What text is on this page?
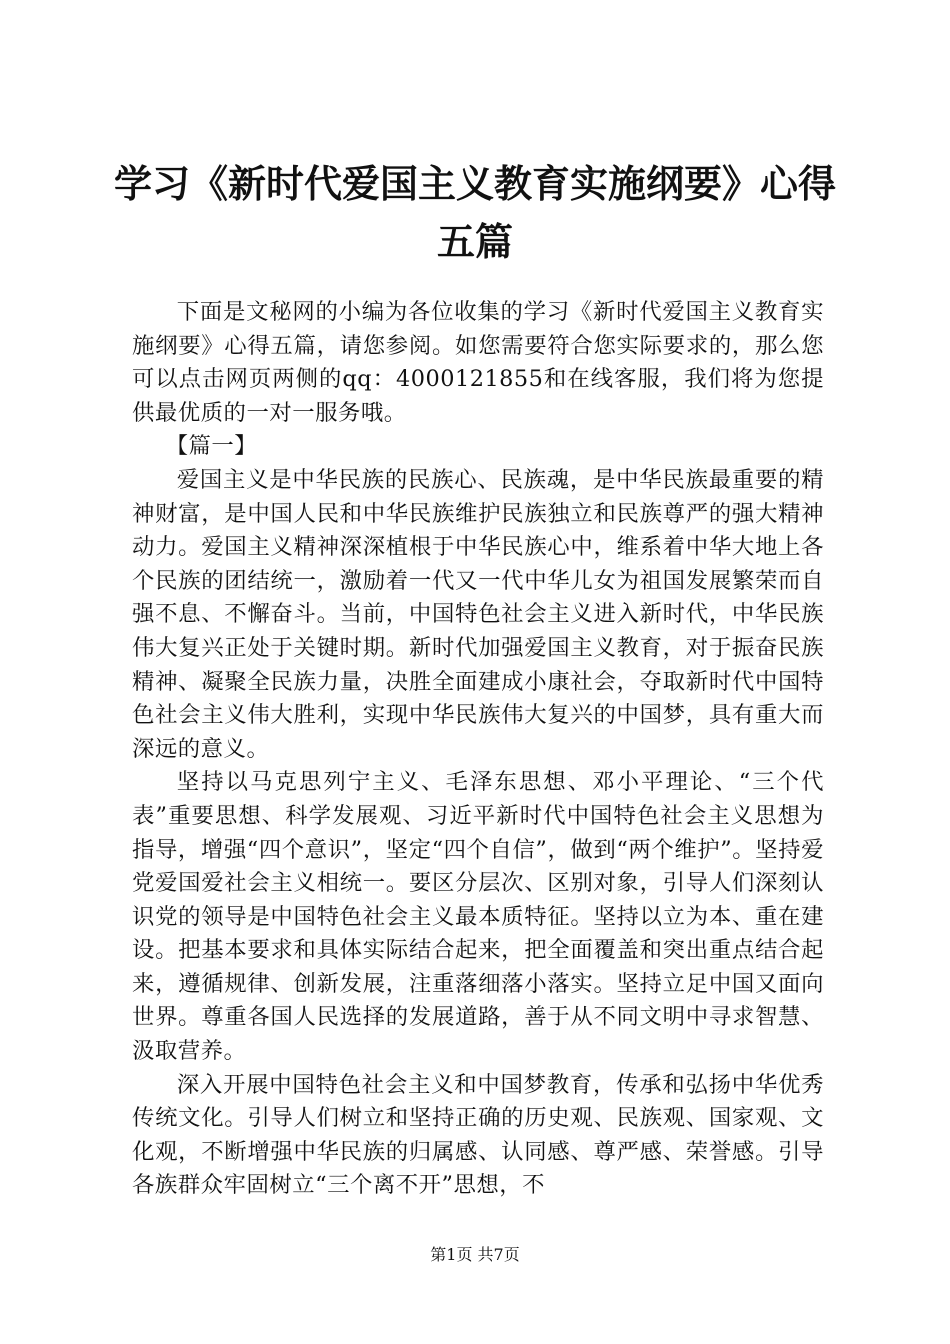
学习《新时代爱国主义教育实施纲要》心得五篇

下面是文秘网的小编为各位收集的学习《新时代爱国主义教育实施纲要》心得五篇，请您参阅。如您需要符合您实际要求的，那么您可以点击网页两侧的qq：4000121855和在线客服，我们将为您提供最优质的一对一服务哦。

【篇一】

爱国主义是中华民族的民族心、民族魂，是中华民族最重要的精神财富，是中国人民和中华民族维护民族独立和民族尊严的强大精神动力。爱国主义精神深深植根于中华民族心中，维系着中华大地上各个民族的团结统一，激励着一代又一代中华儿女为祖国发展繁荣而自强不息、不懈奋斗。当前，中国特色社会主义进入新时代，中华民族伟大复兴正处于关键时期。新时代加强爱国主义教育，对于振奋民族精神、凝聚全民族力量，决胜全面建成小康社会，夺取新时代中国特色社会主义伟大胜利，实现中华民族伟大复兴的中国梦，具有重大而深远的意义。

坚持以马克思列宁主义、毛泽东思想、邓小平理论、“三个代表”重要思想、科学发展观、习近平新时代中国特色社会主义思想为指导，增强“四个意识”，坚定“四个自信”，做到“两个维护”。坚持爱党爱国爱社会主义相统一。要区分层次、区别对象，引导人们深刻认识党的领导是中国特色社会主义最本质特征。坚持以立为本、重在建设。把基本要求和具体实际结合起来，把全面覆盖和突出重点结合起来，遵循规律、创新发展，注重落细落小落实。坚持立足中国又面向世界。尊重各国人民选择的发展道路，善于从不同文明中寻求智慧、汲取营养。

深入开展中国特色社会主义和中国梦教育，传承和弘扬中华优秀传统文化。引导人们树立和坚持正确的历史观、民族观、国家观、文化观，不断增强中华民族的归属感、认同感、尊严感、荣誉感。引导各族群众牢固树立“三个离不开”思想，不

第1页 共7页
